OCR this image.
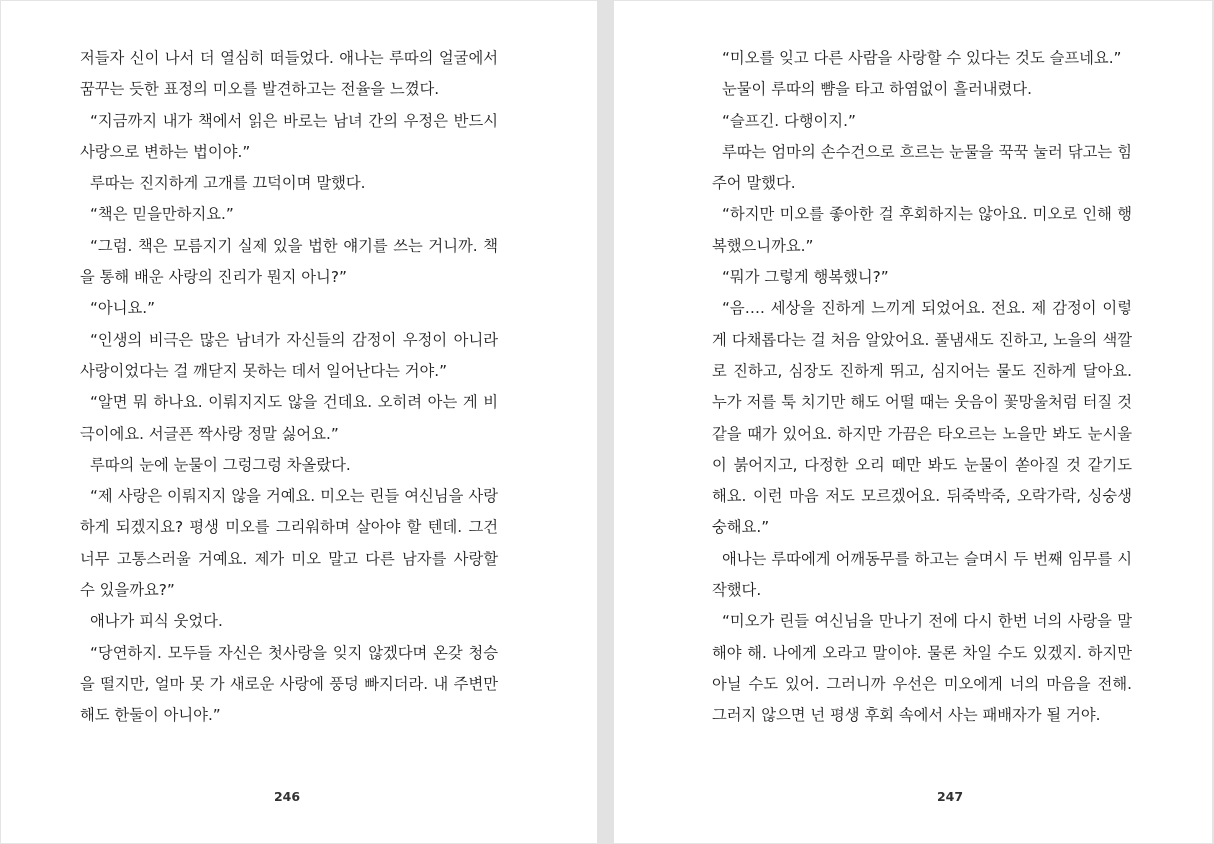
저들자 신이 나서 더 열심히 떠들었다. 애나는 루따의 얼굴에서 꿈꾸는 듯한 표정의 미오를 발견하고는 전율을 느꼈다.

“지금까지 내가 책에서 읽은 바로는 남녀 간의 우정은 반드시 사랑으로 변하는 법이야.”

루따는 진지하게 고개를 끄덕이며 말했다.

“책은 믿을만하지요.”

“그럼. 책은 모름지기 실제 있을 법한 얘기를 쓰는 거니까. 책을 통해 배운 사랑의 진리가 뭔지 아니?”

“아니요.”

“인생의 비극은 많은 남녀가 자신들의 감정이 우정이 아니라 사랑이었다는 걸 깨닫지 못하는 데서 일어난다는 거야.”

“알면 뭐 하나요. 이뤄지지도 않을 건데요. 오히려 아는 게 비극이에요. 서글픈 짝사랑 정말 싫어요.”

루따의 눈에 눈물이 그렁그렁 차올랐다.

“제 사랑은 이뤄지지 않을 거예요. 미오는 린들 여신님을 사랑하게 되겠지요? 평생 미오를 그리워하며 살아야 할 텐데. 그건 너무 고통스러울 거예요. 제가 미오 말고 다른 남자를 사랑할 수 있을까요?”

애나가 피식 웃었다.

“당연하지. 모두들 자신은 첫사랑을 잊지 않겠다며 온갖 청승을 떨지만, 얼마 못 가 새로운 사랑에 풍덩 빠지더라. 내 주변만 해도 한둘이 아니야.”

246

“미오를 잊고 다른 사람을 사랑할 수 있다는 것도 슬프네요.”

눈물이 루따의 뺨을 타고 하염없이 흘러내렸다.

“슬프긴. 다행이지.”

루따는 엄마의 손수건으로 흐르는 눈물을 꾹꾹 눌러 닦고는 힘주어 말했다.

“하지만 미오를 좋아한 걸 후회하지는 않아요. 미오로 인해 행복했으니까요.”

“뭐가 그렇게 행복했니?”

“음…. 세상을 진하게 느끼게 되었어요. 전요. 제 감정이 이렇게 다채롭다는 걸 처음 알았어요. 풀냄새도 진하고, 노을의 색깔로 진하고, 심장도 진하게 뛰고, 심지어는 물도 진하게 달아요. 누가 저를 툭 치기만 해도 어떨 때는 웃음이 꽃망울처럼 터질 것 같을 때가 있어요. 하지만 가끔은 타오르는 노을만 봐도 눈시울이 붉어지고, 다정한 오리 떼만 봐도 눈물이 쏟아질 것 같기도 해요. 이런 마음 저도 모르겠어요. 뒤죽박죽, 오락가락, 싱숭생숭해요.”

애나는 루따에게 어깨동무를 하고는 슬며시 두 번째 임무를 시작했다.

“미오가 린들 여신님을 만나기 전에 다시 한번 너의 사랑을 말해야 해. 나에게 오라고 말이야. 물론 차일 수도 있겠지. 하지만 아닐 수도 있어. 그러니까 우선은 미오에게 너의 마음을 전해. 그러지 않으면 넌 평생 후회 속에서 사는 패배자가 될 거야.

247
